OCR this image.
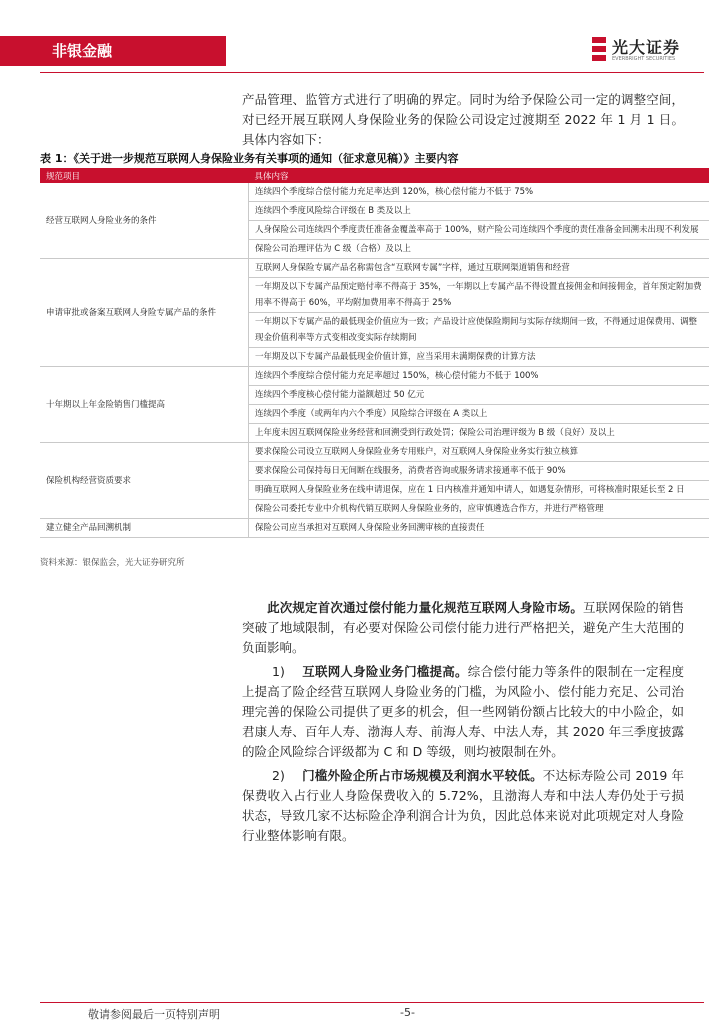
非银金融	光大证券
EVERBRIGHT SECURITIES
产品管理、监管方式进行了明确的界定。同时为给予保险公司一定的调整空间，对已经开展互联网人身保险业务的保险公司设定过渡期至 2022 年 1 月 1 日。具体内容如下：
表 1：《关于进一步规范互联网人身保险业务有关事项的通知（征求意见稿）》主要内容
规范项目	具体内容
经营互联网人身险业务的条件	连续四个季度综合偿付能力充足率达到 120%，核心偿付能力不低于 75%
	连续四个季度风险综合评级在 B 类及以上
	人身保险公司连续四个季度责任准备金覆盖率高于 100%，财产险公司连续四个季度的责任准备金回溯未出现不利发展
	保险公司治理评估为 C 级（合格）及以上
申请审批或备案互联网人身险专属产品的条件	互联网人身保险专属产品名称需包含“互联网专属”字样，通过互联网渠道销售和经营
	一年期及以下专属产品预定赔付率不得高于 35%，一年期以上专属产品不得设置直接佣金和间接佣金，首年预定附加费用率不得高于 60%，平均附加费用率不得高于 25%
	一年期以下专属产品的最低现金价值应为一致；产品设计应使保险期间与实际存续期间一致，不得通过退保费用、调整现金价值利率等方式变相改变实际存续期间
	一年期及以下专属产品最低现金价值计算，应当采用未满期保费的计算方法
十年期以上年金险销售门槛提高	连续四个季度综合偿付能力充足率超过 150%，核心偿付能力不低于 100%
	连续四个季度核心偿付能力溢额超过 50 亿元
	连续四个季度（或两年内六个季度）风险综合评级在 A 类以上
	上年度未因互联网保险业务经营和回溯受到行政处罚；保险公司治理评级为 B 级（良好）及以上
保险机构经营资质要求	要求保险公司设立互联网人身保险业务专用账户，对互联网人身保险业务实行独立核算
	要求保险公司保持每日无间断在线服务，消费者咨询或服务请求接通率不低于 90%
	明确互联网人身保险业务在线申请退保，应在 1 日内核准并通知申请人，如遇复杂情形，可将核准时限延长至 2 日
	保险公司委托专业中介机构代销互联网人身保险业务的，应审慎遴选合作方，并进行严格管理
建立健全产品回溯机制	保险公司应当承担对互联网人身保险业务回溯审核的直接责任
资料来源：银保监会，光大证券研究所
此次规定首次通过偿付能力量化规范互联网人身险市场。互联网保险的销售突破了地域限制，有必要对保险公司偿付能力进行严格把关，避免产生大范围的负面影响。
1) 互联网人身险业务门槛提高。综合偿付能力等条件的限制在一定程度上提高了险企经营互联网人身险业务的门槛，为风险小、偿付能力充足、公司治理完善的保险公司提供了更多的机会，但一些网销份额占比较大的中小险企，如君康人寿、百年人寿、渤海人寿、前海人寿、中法人寿，其 2020 年三季度披露的险企风险综合评级都为 C 和 D 等级，则均被限制在外。
2) 门槛外险企所占市场规模及利润水平较低。不达标寿险公司 2019 年保费收入占行业人身险保费收入的 5.72%，且渤海人寿和中法人寿仍处于亏损状态，导致几家不达标险企净利润合计为负，因此总体来说对此项规定对人身险行业整体影响有限。
敬请参阅最后一页特别声明	-5-
